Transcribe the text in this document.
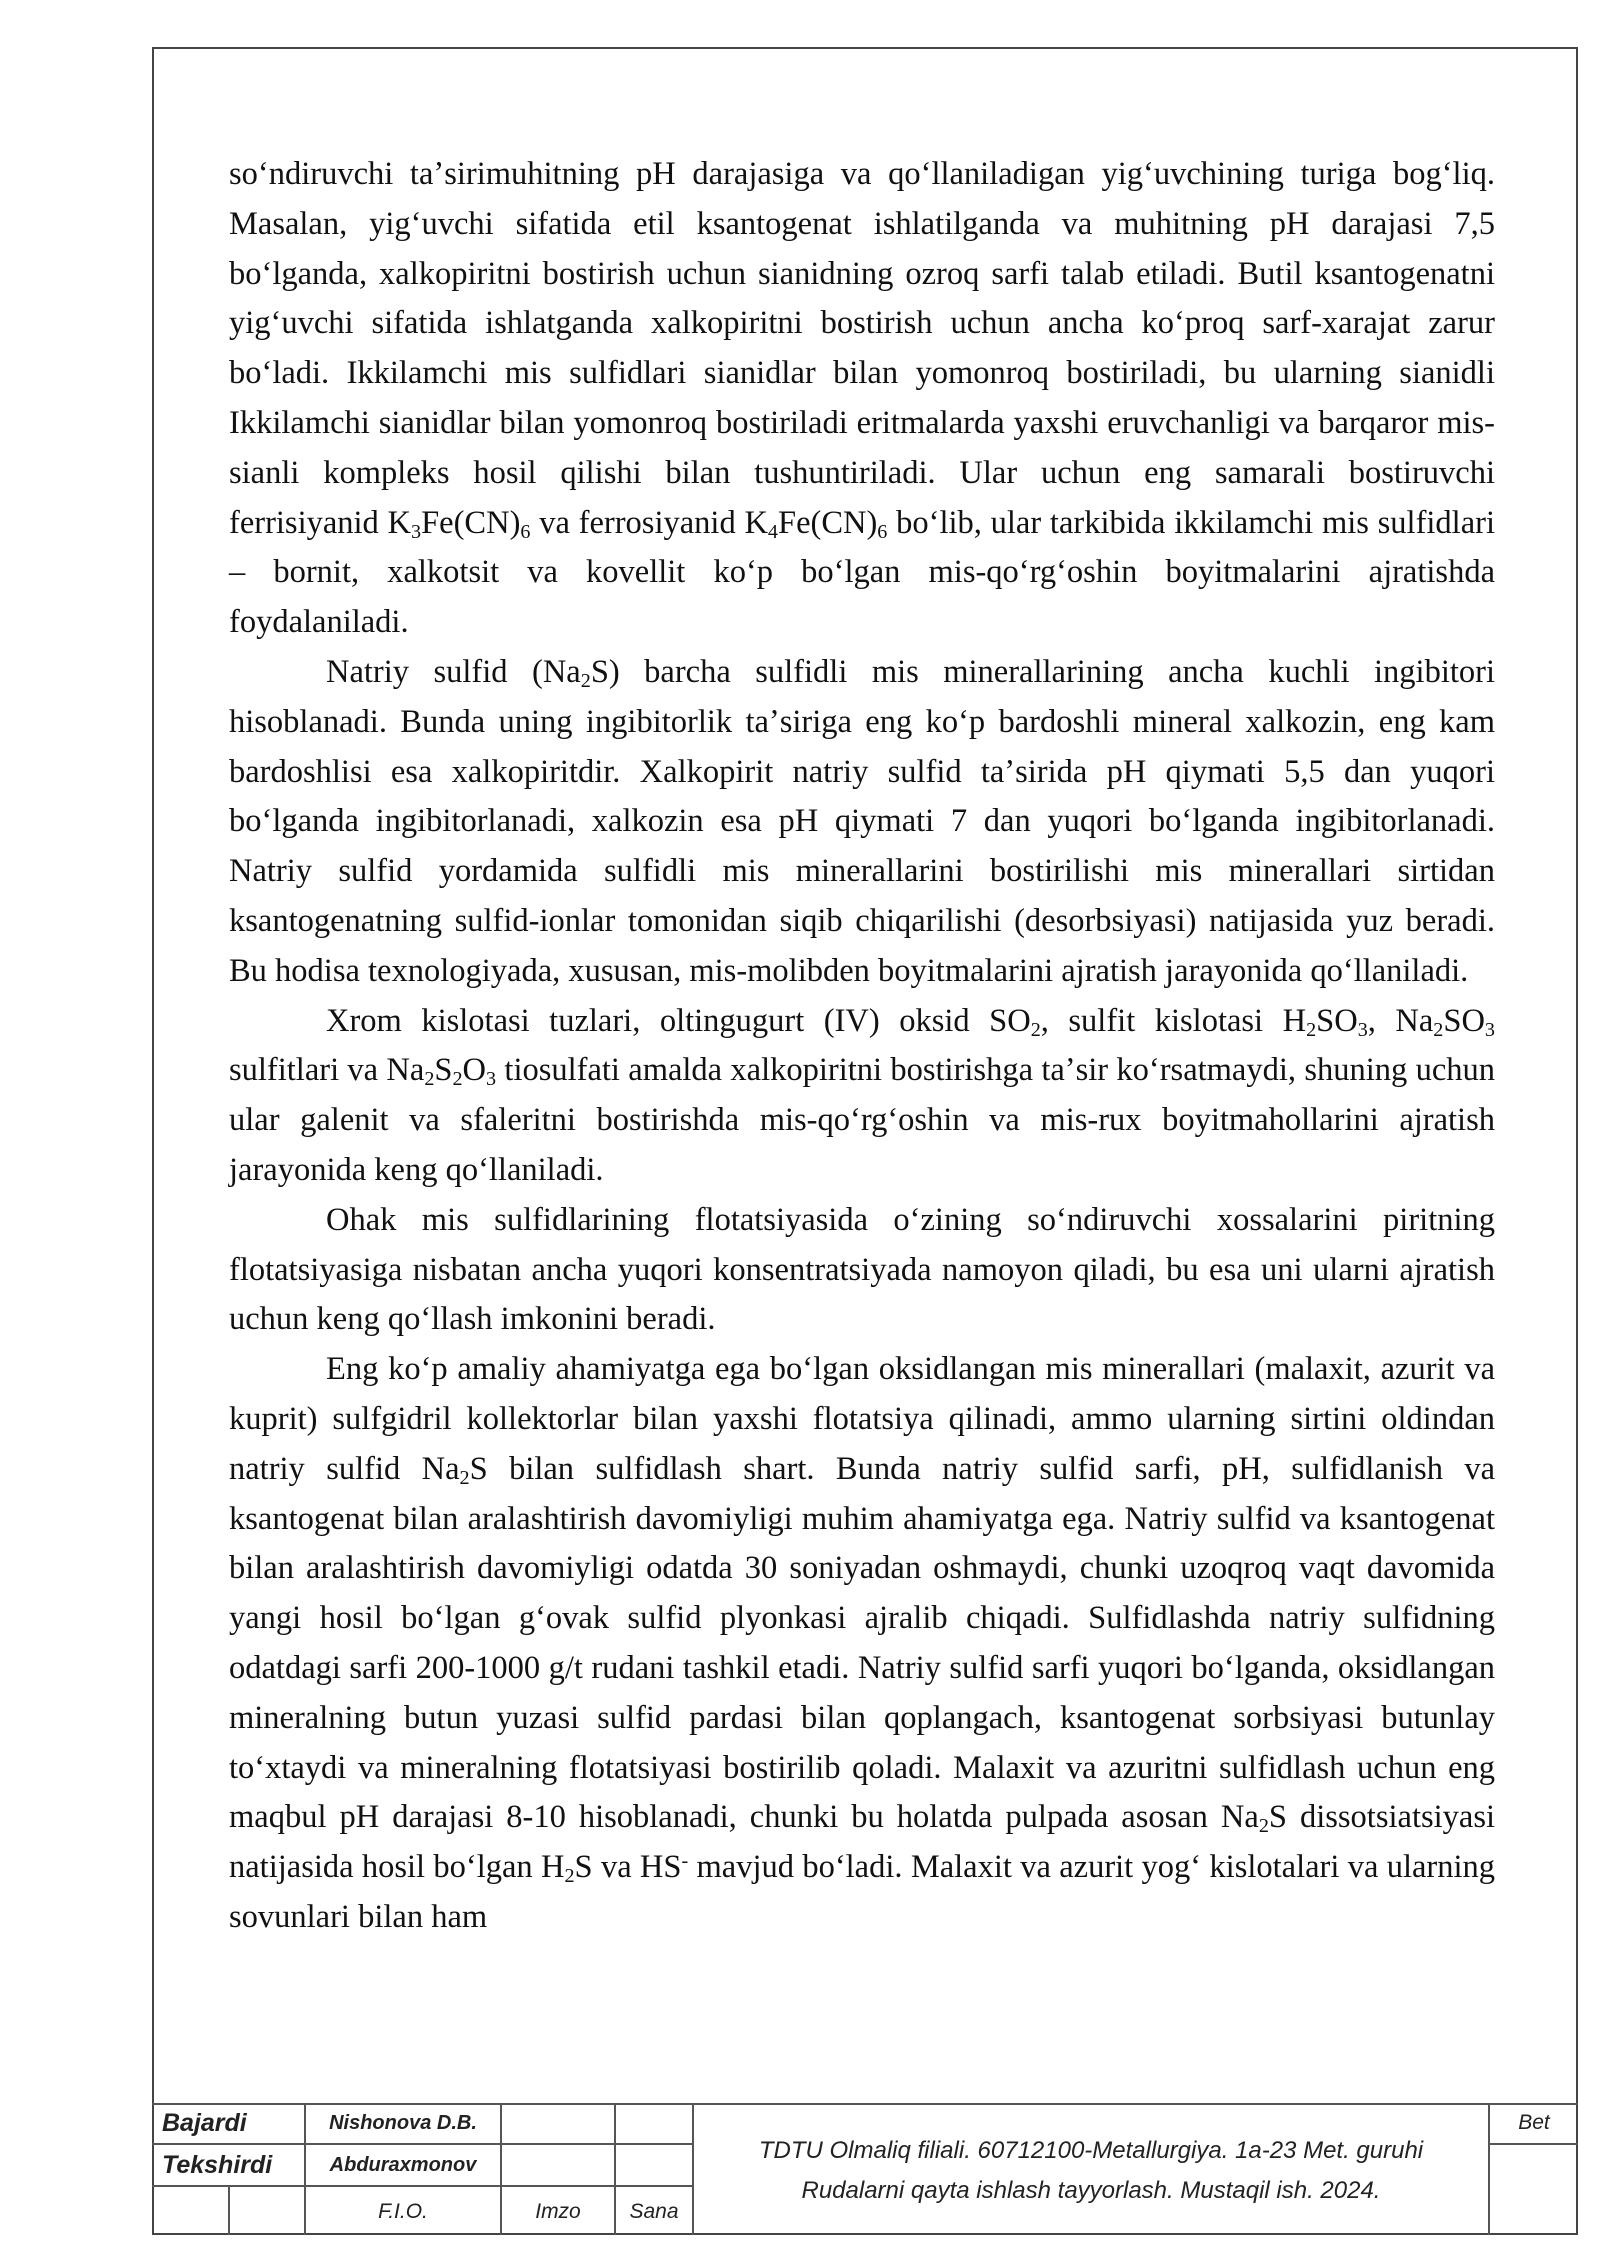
soʻndiruvchi taʼsirimuhitning pH darajasiga va qoʻllaniladigan yigʻuvchining turiga bogʻliq. Masalan, yigʻuvchi sifatida etil ksantogenat ishlatilganda va muhitning pH darajasi 7,5 boʻlganda, xalkopiritni bostirish uchun sianidning ozroq sarfi talab etiladi. Butil ksantogenatni yigʻuvchi sifatida ishlatganda xalkopiritni bostirish uchun ancha koʻproq sarf-xarajat zarur boʻladi. Ikkilamchi mis sulfidlari sianidlar bilan yomonroq bostiriladi, bu ularning sianidli Ikkilamchi sianidlar bilan yomonroq bostiriladi eritmalarda yaxshi eruvchanligi va barqaror mis-sianli kompleks hosil qilishi bilan tushuntiriladi. Ular uchun eng samarali bostiruvchi ferrisiyanid $K_3Fe(CN)_6$ va ferrosiyanid $K_4Fe(CN)_6$ boʻlib, ular tarkibida ikkilamchi mis sulfidlari – bornit, xalkotsit va kovellit koʻp boʻlgan mis-qoʻrgʻoshin boyitmalarini ajratishda foydalaniladi.

Natriy sulfid $(Na_2S)$ barcha sulfidli mis minerallarining ancha kuchli ingibitori hisoblanadi. Bunda uning ingibitorlik taʼsiriga eng koʻp bardoshli mineral xalkozin, eng kam bardoshlisi esa xalkopiritdir. Xalkopirit natriy sulfid taʼsirida pH qiymati 5,5 dan yuqori boʻlganda ingibitorlanadi, xalkozin esa pH qiymati 7 dan yuqori boʻlganda ingibitorlanadi. Natriy sulfid yordamida sulfidli mis minerallarini bostirilishi mis minerallari sirtidan ksantogenatning sulfid-ionlar tomonidan siqib chiqarilishi (desorbsiyasi) natijasida yuz beradi. Bu hodisa texnologiyada, xususan, mis-molibden boyitmalarini ajratish jarayonida qoʻllaniladi.

Xrom kislotasi tuzlari, oltingugurt (IV) oksid $SO_2$, sulfit kislotasi $H_2SO_3$, $Na_2SO_3$ sulfitlari va $Na_2S_2O_3$ tiosulfati amalda xalkopiritni bostirishga taʼsir koʻrsatmaydi, shuning uchun ular galenit va sfaleritni bostirishda mis-qoʻrgʻoshin va mis-rux boyitmahollarini ajratish jarayonida keng qoʻllaniladi.

Ohak mis sulfidlarining flotatsiyasida oʻzining soʻndiruvchi xossalarini piritning flotatsiyasiga nisbatan ancha yuqori konsentratsiyada namoyon qiladi, bu esa uni ularni ajratish uchun keng qoʻllash imkonini beradi.

Eng koʻp amaliy ahamiyatga ega boʻlgan oksidlangan mis minerallari (malaxit, azurit va kuprit) sulfgidril kollektorlar bilan yaxshi flotatsiya qilinadi, ammo ularning sirtini oldindan natriy sulfid $Na_2S$ bilan sulfidlash shart. Bunda natriy sulfid sarfi, pH, sulfidlanish va ksantogenat bilan aralashtirish davomiyligi muhim ahamiyatga ega. Natriy sulfid va ksantogenat bilan aralashtirish davomiyligi odatda 30 soniyadan oshmaydi, chunki uzoqroq vaqt davomida yangi hosil boʻlgan gʻovak sulfid plyonkasi ajralib chiqadi. Sulfidlashda natriy sulfidning odatdagi sarfi 200-1000 g/t rudani tashkil etadi. Natriy sulfid sarfi yuqori boʻlganda, oksidlangan mineralning butun yuzasi sulfid pardasi bilan qoplangach, ksantogenat sorbsiyasi butunlay toʻxtaydi va mineralning flotatsiyasi bostirilib qoladi. Malaxit va azuritni sulfidlash uchun eng maqbul pH darajasi 8-10 hisoblanadi, chunki bu holatda pulpada asosan $Na_2S$ dissotsiatsiyasi natijasida hosil boʻlgan $H_2S$ va HS- mavjud boʻladi. Malaxit va azurit yogʻ kislotalari va ularning sovunlari bilan ham

Bajardi	Nishonova D.B.
Tekshirdi	Abduraxmonov
F.I.O.	Imzo	Sana
TDTU Olmaliq filiali. 60712100-Metallurgiya. 1a-23 Met. guruhi
Rudalarni qayta ishlash tayyorlash. Mustaqil ish. 2024.
Bet
